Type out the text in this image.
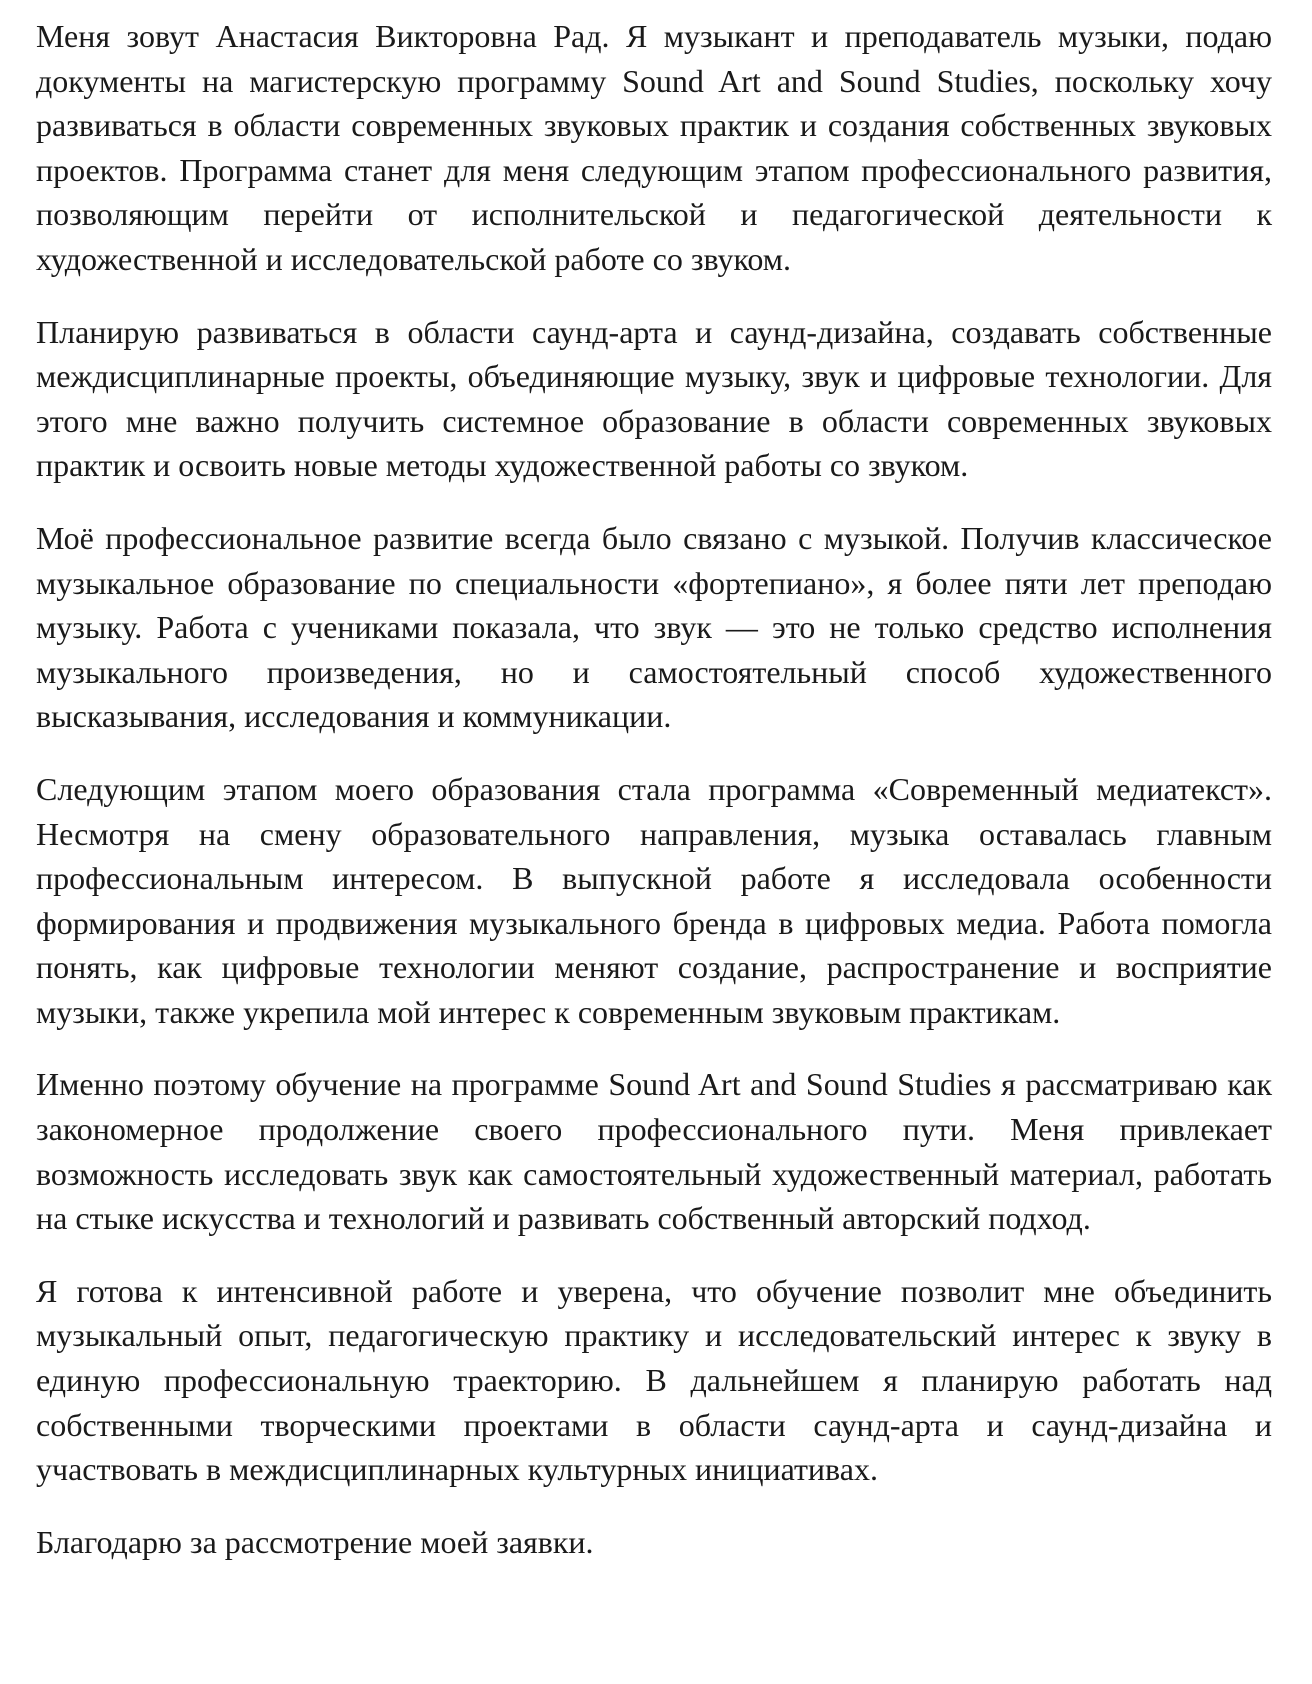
Меня зовут Анастасия Викторовна Рад. Я музыкант и преподаватель музыки, подаю документы на магистерскую программу Sound Art and Sound Studies, поскольку хочу развиваться в области современных звуковых практик и создания собственных звуковых проектов. Программа станет для меня следующим этапом профессионального развития, позволяющим перейти от исполнительской и педагогической деятельности к художественной и исследовательской работе со звуком.

Планирую развиваться в области саунд-арта и саунд-дизайна, создавать собственные междисциплинарные проекты, объединяющие музыку, звук и цифровые технологии. Для этого мне важно получить системное образование в области современных звуковых практик и освоить новые методы художественной работы со звуком.

Моё профессиональное развитие всегда было связано с музыкой. Получив классическое музыкальное образование по специальности «фортепиано», я более пяти лет преподаю музыку. Работа с учениками показала, что звук — это не только средство исполнения музыкального произведения, но и самостоятельный способ художественного высказывания, исследования и коммуникации.

Следующим этапом моего образования стала программа «Современный медиатекст». Несмотря на смену образовательного направления, музыка оставалась главным профессиональным интересом. В выпускной работе я исследовала особенности формирования и продвижения музыкального бренда в цифровых медиа. Работа помогла понять, как цифровые технологии меняют создание, распространение и восприятие музыки, также укрепила мой интерес к современным звуковым практикам.

Именно поэтому обучение на программе Sound Art and Sound Studies я рассматриваю как закономерное продолжение своего профессионального пути. Меня привлекает возможность исследовать звук как самостоятельный художественный материал, работать на стыке искусства и технологий и развивать собственный авторский подход.

Я готова к интенсивной работе и уверена, что обучение позволит мне объединить музыкальный опыт, педагогическую практику и исследовательский интерес к звуку в единую профессиональную траекторию. В дальнейшем я планирую работать над собственными творческими проектами в области саунд-арта и саунд-дизайна и участвовать в междисциплинарных культурных инициативах.

Благодарю за рассмотрение моей заявки.
